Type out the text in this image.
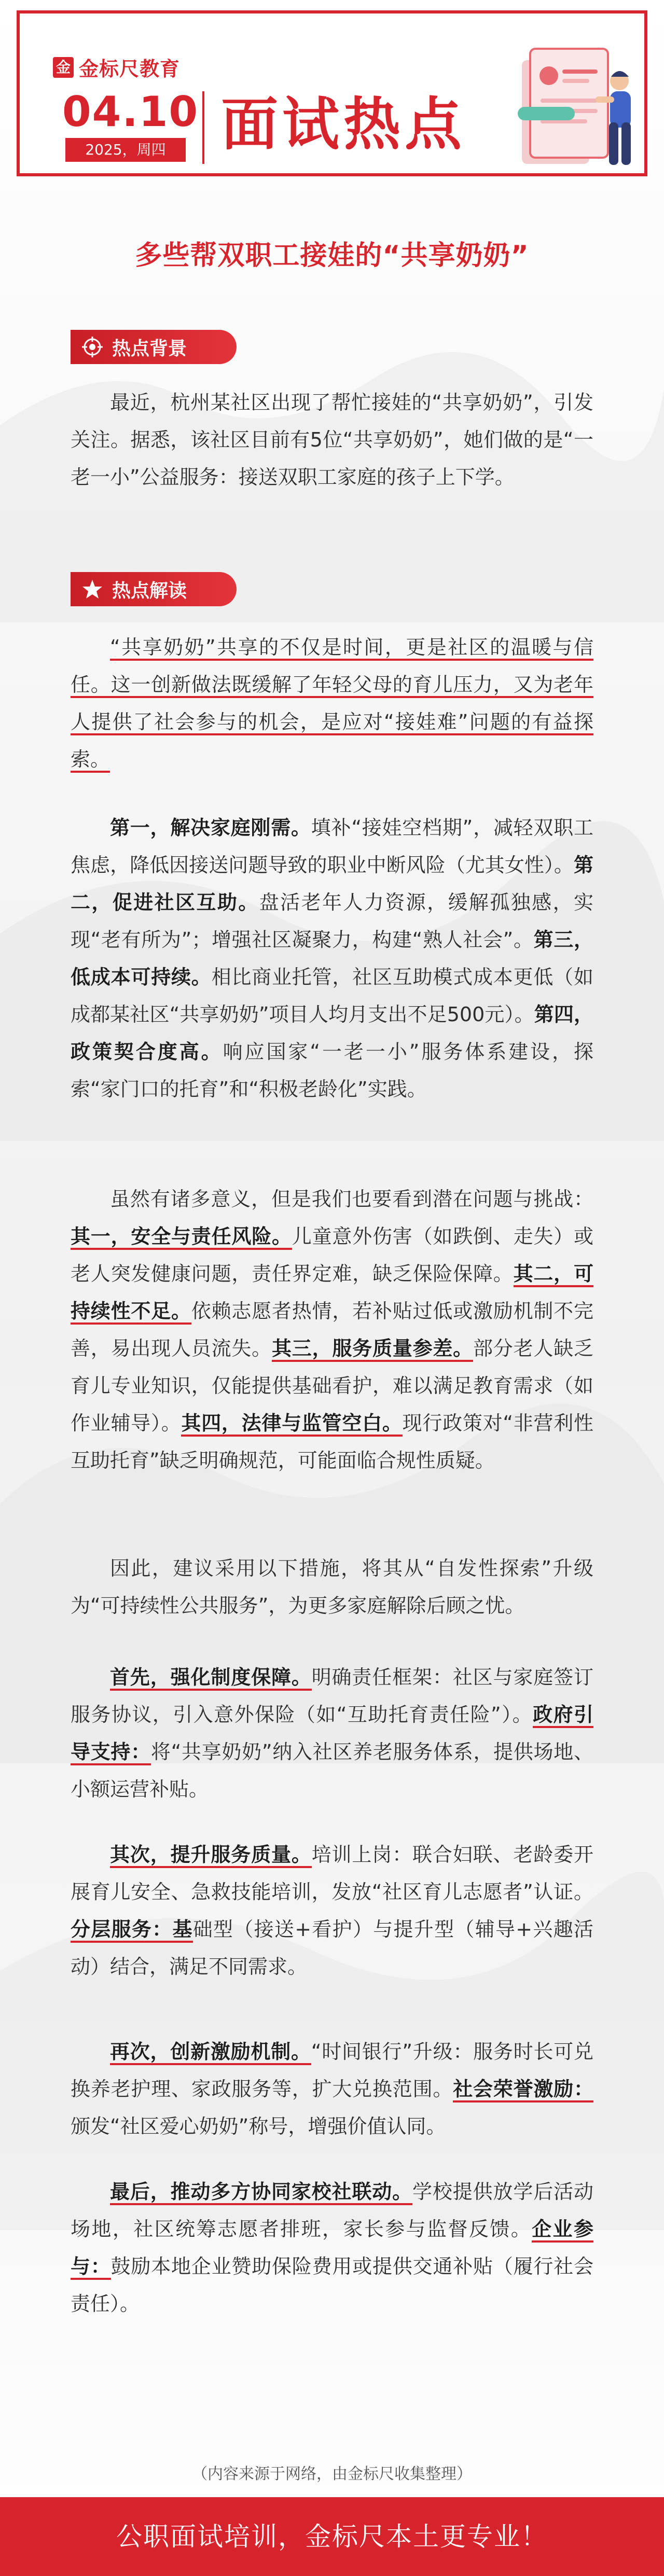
金 金标尺教育
04.10
2025，周四 面试热点
多些帮双职工接娃的“共享奶奶”
热点背景

最近，杭州某社区出现了帮忙接娃的“共享奶奶”，引发关注。据悉，该社区目前有5位“共享奶奶”，她们做的是“一老一小”公益服务：接送双职工家庭的孩子上下学。

热点解读

“共享奶奶”共享的不仅是时间，更是社区的温暖与信任。这一创新做法既缓解了年轻父母的育儿压力，又为老年人提供了社会参与的机会，是应对“接娃难”问题的有益探索。

第一，解决家庭刚需。填补“接娃空档期”，减轻双职工焦虑，降低因接送问题导致的职业中断风险（尤其女性）。第二，促进社区互助。盘活老年人力资源，缓解孤独感，实现“老有所为”；增强社区凝聚力，构建“熟人社会”。第三，低成本可持续。相比商业托管，社区互助模式成本更低（如成都某社区“共享奶奶”项目人均月支出不足500元）。第四，政策契合度高。响应国家“一老一小”服务体系建设，探索“家门口的托育”和“积极老龄化”实践。

虽然有诸多意义，但是我们也要看到潜在问题与挑战：其一，安全与责任风险。儿童意外伤害（如跌倒、走失）或老人突发健康问题，责任界定难，缺乏保险保障。其二，可持续性不足。依赖志愿者热情，若补贴过低或激励机制不完善，易出现人员流失。其三，服务质量参差。部分老人缺乏育儿专业知识，仅能提供基础看护，难以满足教育需求（如作业辅导）。其四，法律与监管空白。现行政策对“非营利性互助托育”缺乏明确规范，可能面临合规性质疑。

因此，建议采用以下措施，将其从“自发性探索”升级为“可持续性公共服务”，为更多家庭解除后顾之忧。

首先，强化制度保障。明确责任框架：社区与家庭签订服务协议，引入意外保险（如“互助托育责任险”）。政府引导支持：将“共享奶奶”纳入社区养老服务体系，提供场地、小额运营补贴。

其次，提升服务质量。培训上岗：联合妇联、老龄委开展育儿安全、急救技能培训，发放“社区育儿志愿者”认证。分层服务：基础型（接送+看护）与提升型（辅导+兴趣活动）结合，满足不同需求。

再次，创新激励机制。“时间银行”升级：服务时长可兑换养老护理、家政服务等，扩大兑换范围。社会荣誉激励：颁发“社区爱心奶奶”称号，增强价值认同。

最后，推动多方协同家校社联动。学校提供放学后活动场地，社区统筹志愿者排班，家长参与监督反馈。企业参与：鼓励本地企业赞助保险费用或提供交通补贴（履行社会责任）。

（内容来源于网络，由金标尺收集整理）
公职面试培训，金标尺本土更专业！
